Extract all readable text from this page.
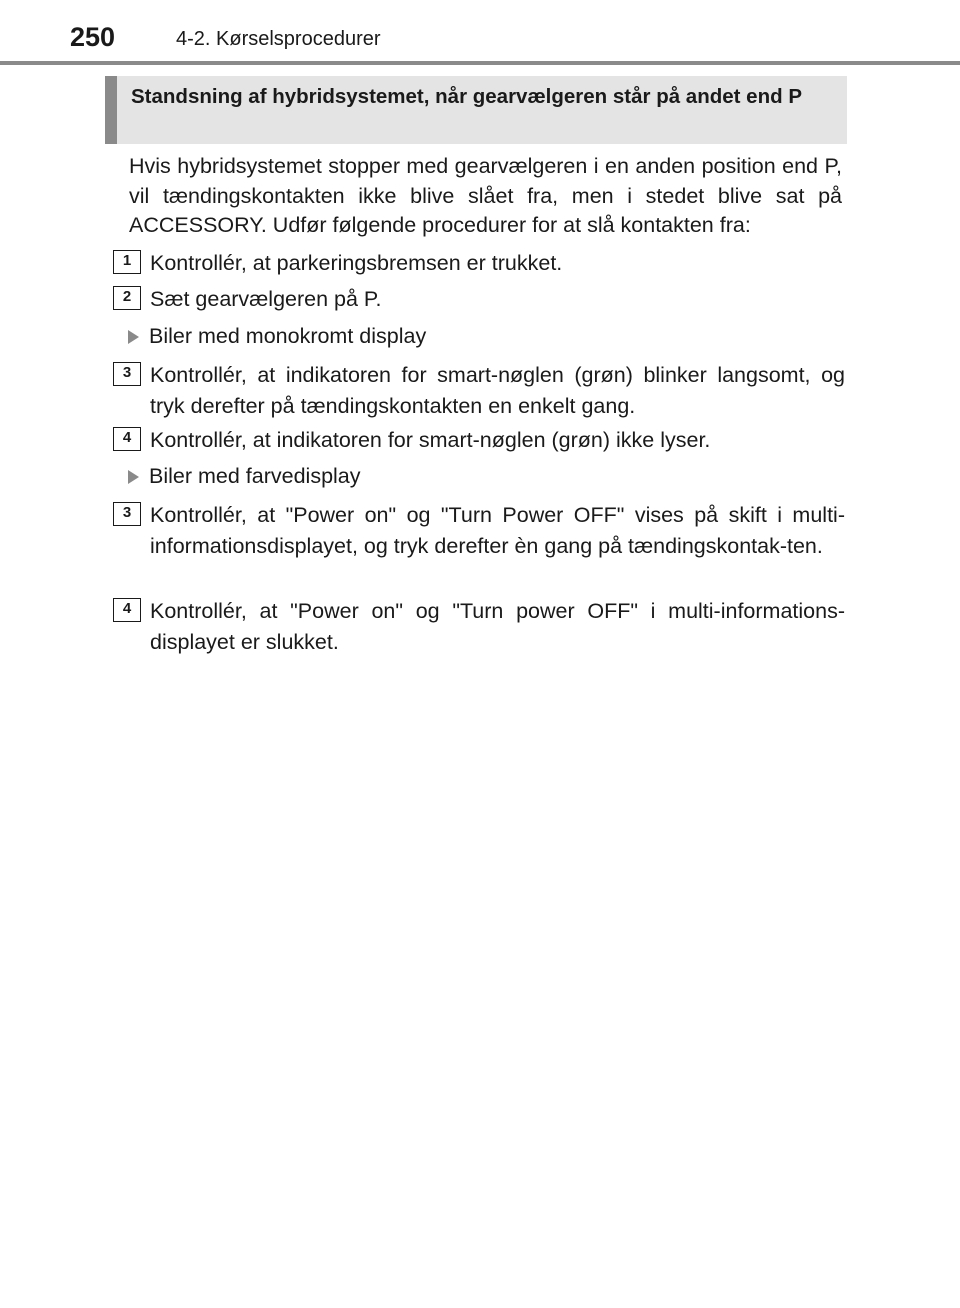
250	4-2. Kørselsprocedurer
Standsning af hybridsystemet, når gearvælgeren står på andet end P
Hvis hybridsystemet stopper med gearvælgeren i en anden position end P, vil tændingskontakten ikke blive slået fra, men i stedet blive sat på ACCESSORY. Udfør følgende procedurer for at slå kontakten fra:
1 Kontrollér, at parkeringsbremsen er trukket.
2 Sæt gearvælgeren på P.
Biler med monokromt display
3 Kontrollér, at indikatoren for smart-nøglen (grøn) blinker langsomt, og tryk derefter på tændingskontakten en enkelt gang.
4 Kontrollér, at indikatoren for smart-nøglen (grøn) ikke lyser.
Biler med farvedisplay
3 Kontrollér, at "Power on" og "Turn Power OFF" vises på skift i multi-informationsdisplayet, og tryk derefter èn gang på tændingskontak-ten.
4 Kontrollér, at "Power on" og "Turn power OFF" i multi-informations-displayet er slukket.
